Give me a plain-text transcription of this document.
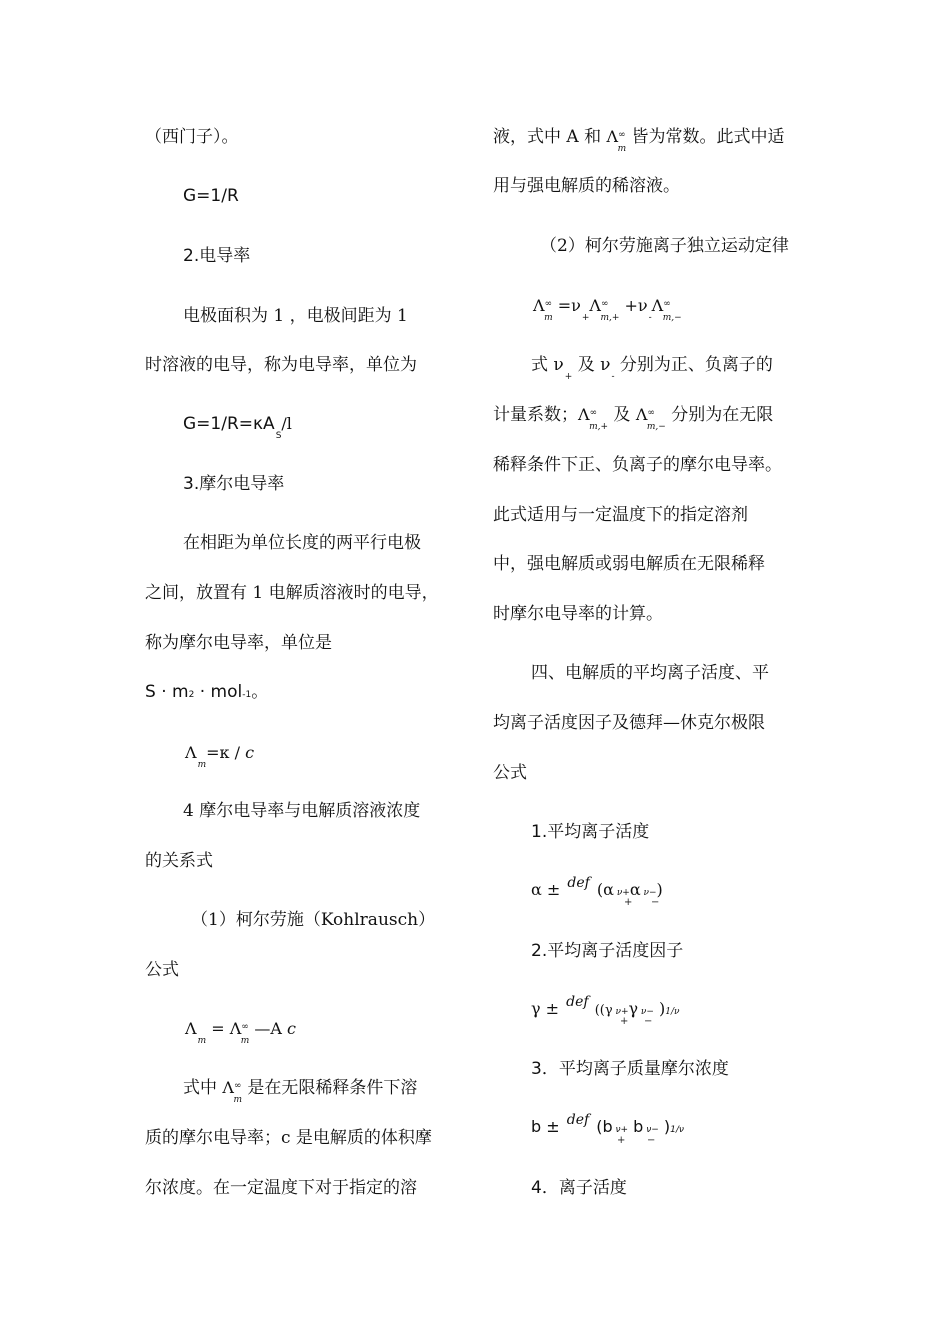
（西门子）。
G=1/R
2.电导率
电极面积为 1 ，电极间距为 1
时溶液的电导，称为电导率，单位为
$G=1/R=\kappa A_S/l$
3.摩尔电导率
在相距为单位长度的两平行电极
之间，放置有 1 电解质溶液时的电导，
称为摩尔电导率，单位是
S · m2 · mol-1。
$\Lambda_m=\kappa / c$
4 摩尔电导率与电解质溶液浓度
的关系式
（1）柯尔劳施（Kohlrausch）
公式
$\Lambda_m = \Lambda^\infty_m$ —A c
式中 $\Lambda^\infty_m$ 是在无限稀释条件下溶
质的摩尔电导率；c 是电解质的体积摩
尔浓度。在一定温度下对于指定的溶
液，式中 A 和 $\Lambda^\infty_m$ 皆为常数。此式中适
用与强电解质的稀溶液。
（2）柯尔劳施离子独立运动定律
$\Lambda^\infty_m =\nu_+\Lambda^\infty_{m,+} +\nu_-\Lambda^\infty_{m,-}$
式 $\nu_+$ 及 $\nu_-$ 分别为正、负离子的
计量系数；$\Lambda^\infty_{m,+}$ 及 $\Lambda^\infty_{m,-}$ 分别为在无限
稀释条件下正、负离子的摩尔电导率。
此式适用与一定温度下的指定溶剂
中，强电解质或弱电解质在无限稀释
时摩尔电导率的计算。
四、电解质的平均离子活度、平
均离子活度因子及德拜—休克尔极限
公式
1.平均离子活度
α ± def (α ν+α ν−)
+ −
2.平均离子活度因子
γ ± def ((γ ν+γ ν− )1/ν
+ −
3．平均离子质量摩尔浓度
b ± def (b ν+ b ν− )1/ν
+ −
4．离子活度
